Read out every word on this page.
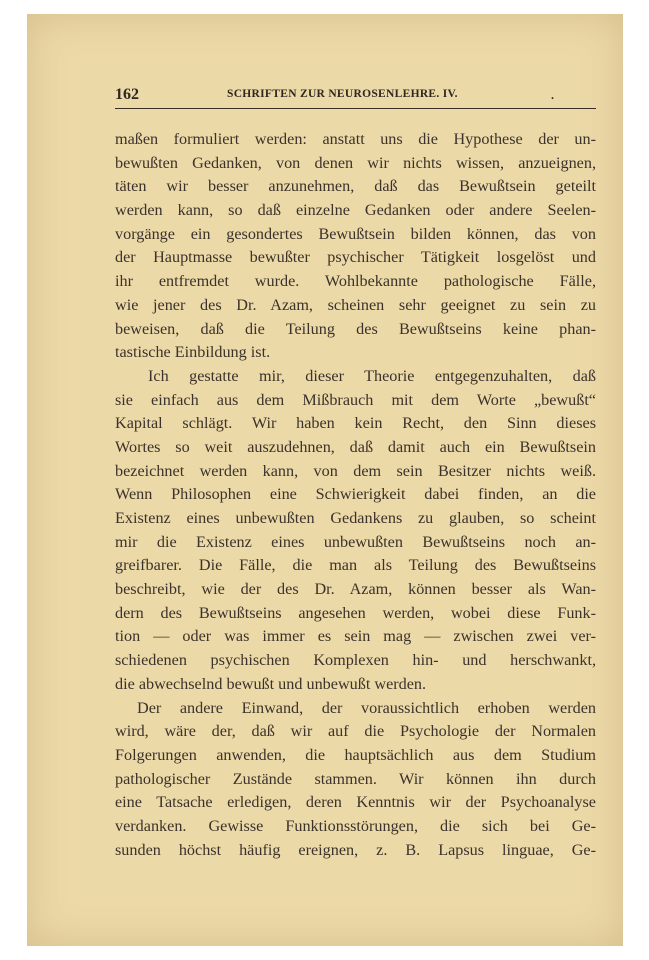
162	SCHRIFTEN ZUR NEUROSENLEHRE. IV.	.
maßen formuliert werden: anstatt uns die Hypothese der un-
bewußten Gedanken, von denen wir nichts wissen, anzueignen,
täten wir besser anzunehmen, daß das Bewußtsein geteilt
werden kann, so daß einzelne Gedanken oder andere Seelen-
vorgänge ein gesondertes Bewußtsein bilden können, das von
der Hauptmasse bewußter psychischer Tätigkeit losgelöst und
ihr entfremdet wurde. Wohlbekannte pathologische Fälle,
wie jener des Dr. Azam, scheinen sehr geeignet zu sein zu
beweisen, daß die Teilung des Bewußtseins keine phan-
tastische Einbildung ist.
Ich gestatte mir, dieser Theorie entgegenzuhalten, daß
sie einfach aus dem Mißbrauch mit dem Worte „bewußt“
Kapital schlägt. Wir haben kein Recht, den Sinn dieses
Wortes so weit auszudehnen, daß damit auch ein Bewußtsein
bezeichnet werden kann, von dem sein Besitzer nichts weiß.
Wenn Philosophen eine Schwierigkeit dabei finden, an die
Existenz eines unbewußten Gedankens zu glauben, so scheint
mir die Existenz eines unbewußten Bewußtseins noch an-
greifbarer. Die Fälle, die man als Teilung des Bewußtseins
beschreibt, wie der des Dr. Azam, können besser als Wan-
dern des Bewußtseins angesehen werden, wobei diese Funk-
tion — oder was immer es sein mag — zwischen zwei ver-
schiedenen psychischen Komplexen hin- und herschwankt,
die abwechselnd bewußt und unbewußt werden.
Der andere Einwand, der voraussichtlich erhoben werden
wird, wäre der, daß wir auf die Psychologie der Normalen
Folgerungen anwenden, die hauptsächlich aus dem Studium
pathologischer Zustände stammen. Wir können ihn durch
eine Tatsache erledigen, deren Kenntnis wir der Psychoanalyse
verdanken. Gewisse Funktionsstörungen, die sich bei Ge-
sunden höchst häufig ereignen, z. B. Lapsus linguae, Ge-
